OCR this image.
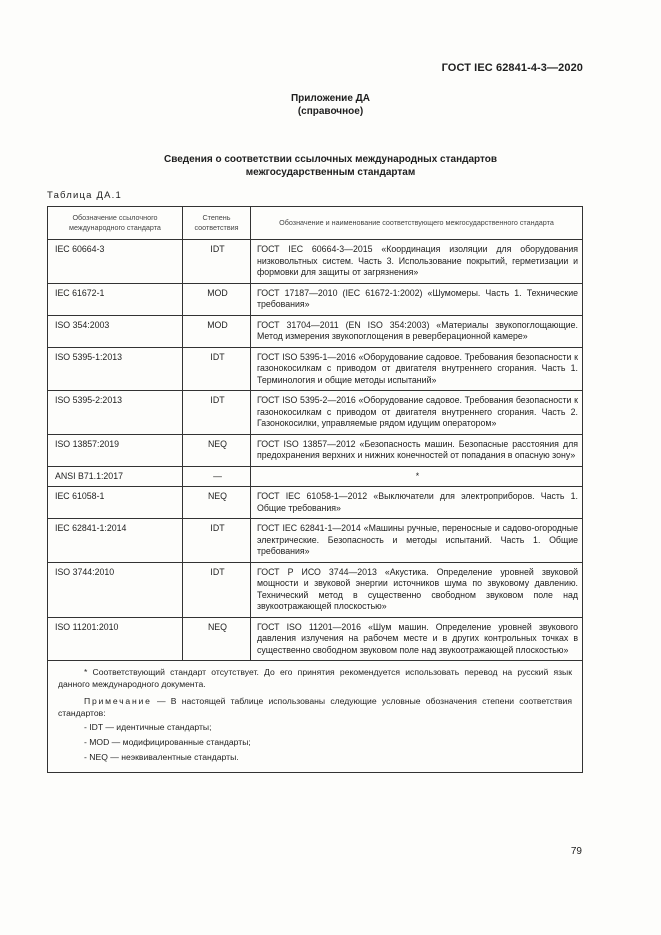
ГОСТ IEC 62841-4-3—2020
Приложение ДА
(справочное)
Сведения о соответствии ссылочных международных стандартов
межгосударственным стандартам
Таблица ДА.1
Обозначение ссылочного международного стандарта	Степень соответствия	Обозначение и наименование соответствующего межгосударственного стандарта
IEC 60664-3	IDT	ГОСТ IEC 60664-3—2015 «Координация изоляции для оборудования низковольтных систем. Часть 3. Использование покрытий, герметизации и формовки для защиты от загрязнения»
IEC 61672-1	MOD	ГОСТ 17187—2010 (IEC 61672-1:2002) «Шумомеры. Часть 1. Технические требования»
ISO 354:2003	MOD	ГОСТ 31704—2011 (EN ISO 354:2003) «Материалы звукопоглощающие. Метод измерения звукопоглощения в реверберационной камере»
ISO 5395-1:2013	IDT	ГОСТ ISO 5395-1—2016 «Оборудование садовое. Требования безопасности к газонокосилкам с приводом от двигателя внутреннего сгорания. Часть 1. Терминология и общие методы испытаний»
ISO 5395-2:2013	IDT	ГОСТ ISO 5395-2—2016 «Оборудование садовое. Требования безопасности к газонокосилкам с приводом от двигателя внутреннего сгорания. Часть 2. Газонокосилки, управляемые рядом идущим оператором»
ISO 13857:2019	NEQ	ГОСТ ISO 13857—2012 «Безопасность машин. Безопасные расстояния для предохранения верхних и нижних конечностей от попадания в опасную зону»
ANSI B71.1:2017	—	*
IEC 61058-1	NEQ	ГОСТ IEC 61058-1—2012 «Выключатели для электроприборов. Часть 1. Общие требования»
IEC 62841-1:2014	IDT	ГОСТ IEC 62841-1—2014 «Машины ручные, переносные и садово-огородные электрические. Безопасность и методы испытаний. Часть 1. Общие требования»
ISO 3744:2010	IDT	ГОСТ Р ИСО 3744—2013 «Акустика. Определение уровней звуковой мощности и звуковой энергии источников шума по звуковому давлению. Технический метод в существенно свободном звуковом поле над звукоотражающей плоскостью»
ISO 11201:2010	NEQ	ГОСТ ISO 11201—2016 «Шум машин. Определение уровней звукового давления излучения на рабочем месте и в других контрольных точках в существенно свободном звуковом поле над звукоотражающей плоскостью»

* Соответствующий стандарт отсутствует. До его принятия рекомендуется использовать перевод на русский язык данного международного документа.

Примечание — В настоящей таблице использованы следующие условные обозначения степени соответствия стандартов:

- IDT — идентичные стандарты;
- MOD — модифицированные стандарты;
- NEQ — неэквивалентные стандарты.		
79
